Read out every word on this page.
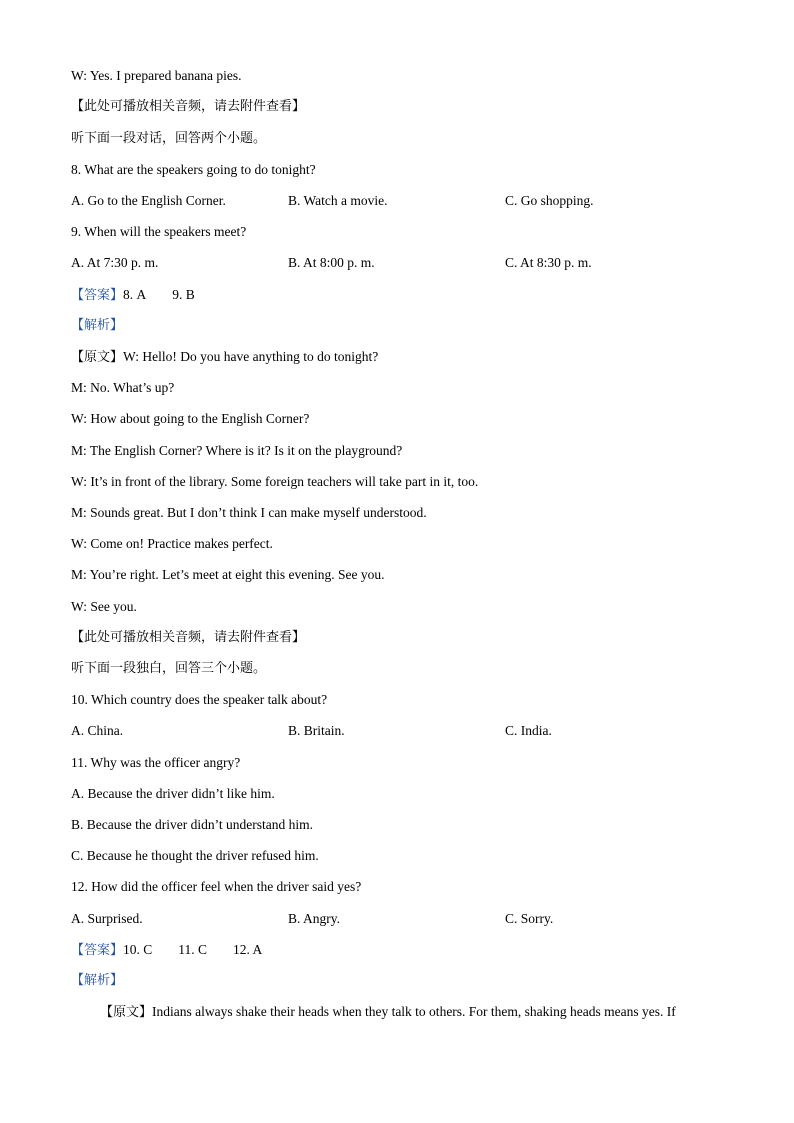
W: Yes. I prepared banana pies.
【此处可播放相关音频，请去附件查看】
听下面一段对话，回答两个小题。
8. What are the speakers going to do tonight?
A. Go to the English Corner.	B. Watch a movie.	C. Go shopping.
9. When will the speakers meet?
A. At 7:30 p. m.	B. At 8:00 p. m.	C. At 8:30 p. m.
【答案】8. A 9. B
【解析】
【原文】W: Hello! Do you have anything to do tonight?
M: No. What’s up?
W: How about going to the English Corner?
M: The English Corner? Where is it? Is it on the playground?
W: It’s in front of the library. Some foreign teachers will take part in it, too.
M: Sounds great. But I don’t think I can make myself understood.
W: Come on! Practice makes perfect.
M: You’re right. Let’s meet at eight this evening. See you.
W: See you.
【此处可播放相关音频，请去附件查看】
听下面一段独白，回答三个小题。
10. Which country does the speaker talk about?
A. China.	B. Britain.	C. India.
11. Why was the officer angry?
A. Because the driver didn’t like him.
B. Because the driver didn’t understand him.
C. Because he thought the driver refused him.
12. How did the officer feel when the driver said yes?
A. Surprised.	B. Angry.	C. Sorry.
【答案】10. C 11. C 12. A
【解析】
【原文】Indians always shake their heads when they talk to others. For them, shaking heads means yes. If
